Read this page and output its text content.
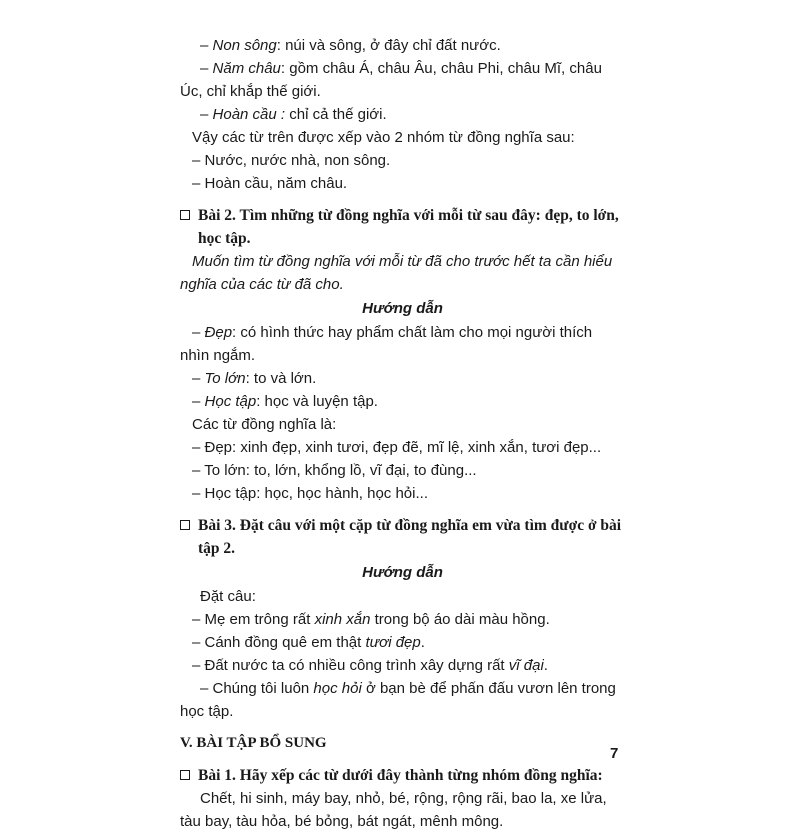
– Non sông: núi và sông, ở đây chỉ đất nước.
– Năm châu: gồm châu Á, châu Âu, châu Phi, châu Mĩ, châu
Úc, chỉ khắp thế giới.
– Hoàn cầu : chỉ cả thế giới.
Vậy các từ trên được xếp vào 2 nhóm từ đồng nghĩa sau:
– Nước, nước nhà, non sông.
– Hoàn cầu, năm châu.
Bài 2. Tìm những từ đồng nghĩa với mỗi từ sau đây: đẹp, to lớn,
học tập.
Muốn tìm từ đồng nghĩa với mỗi từ đã cho trước hết ta cần hiểu
nghĩa của các từ đã cho.
Hướng dẫn
– Đẹp: có hình thức hay phẩm chất làm cho mọi người thích
nhìn ngắm.
– To lớn: to và lớn.
– Học tập: học và luyện tập.
Các từ đồng nghĩa là:
– Đẹp: xinh đẹp, xinh tươi, đẹp đẽ, mĩ lệ, xinh xắn, tươi đẹp...
– To lớn: to, lớn, khổng lồ, vĩ đại, to đùng...
– Học tập: học, học hành, học hỏi...
Bài 3. Đặt câu với một cặp từ đồng nghĩa em vừa tìm được ở bài tập 2.
Hướng dẫn
Đặt câu:
– Mẹ em trông rất xinh xắn trong bộ áo dài màu hồng.
– Cánh đồng quê em thật tươi đẹp.
– Đất nước ta có nhiều công trình xây dựng rất vĩ đại.
– Chúng tôi luôn học hỏi ở bạn bè để phấn đấu vươn lên trong
học tập.
V. BÀI TẬP BỔ SUNG
Bài 1. Hãy xếp các từ dưới đây thành từng nhóm đồng nghĩa:
Chết, hi sinh, máy bay, nhỏ, bé, rộng, rộng rãi, bao la, xe lửa,
tàu bay, tàu hỏa, bé bỏng, bát ngát, mênh mông.
7
